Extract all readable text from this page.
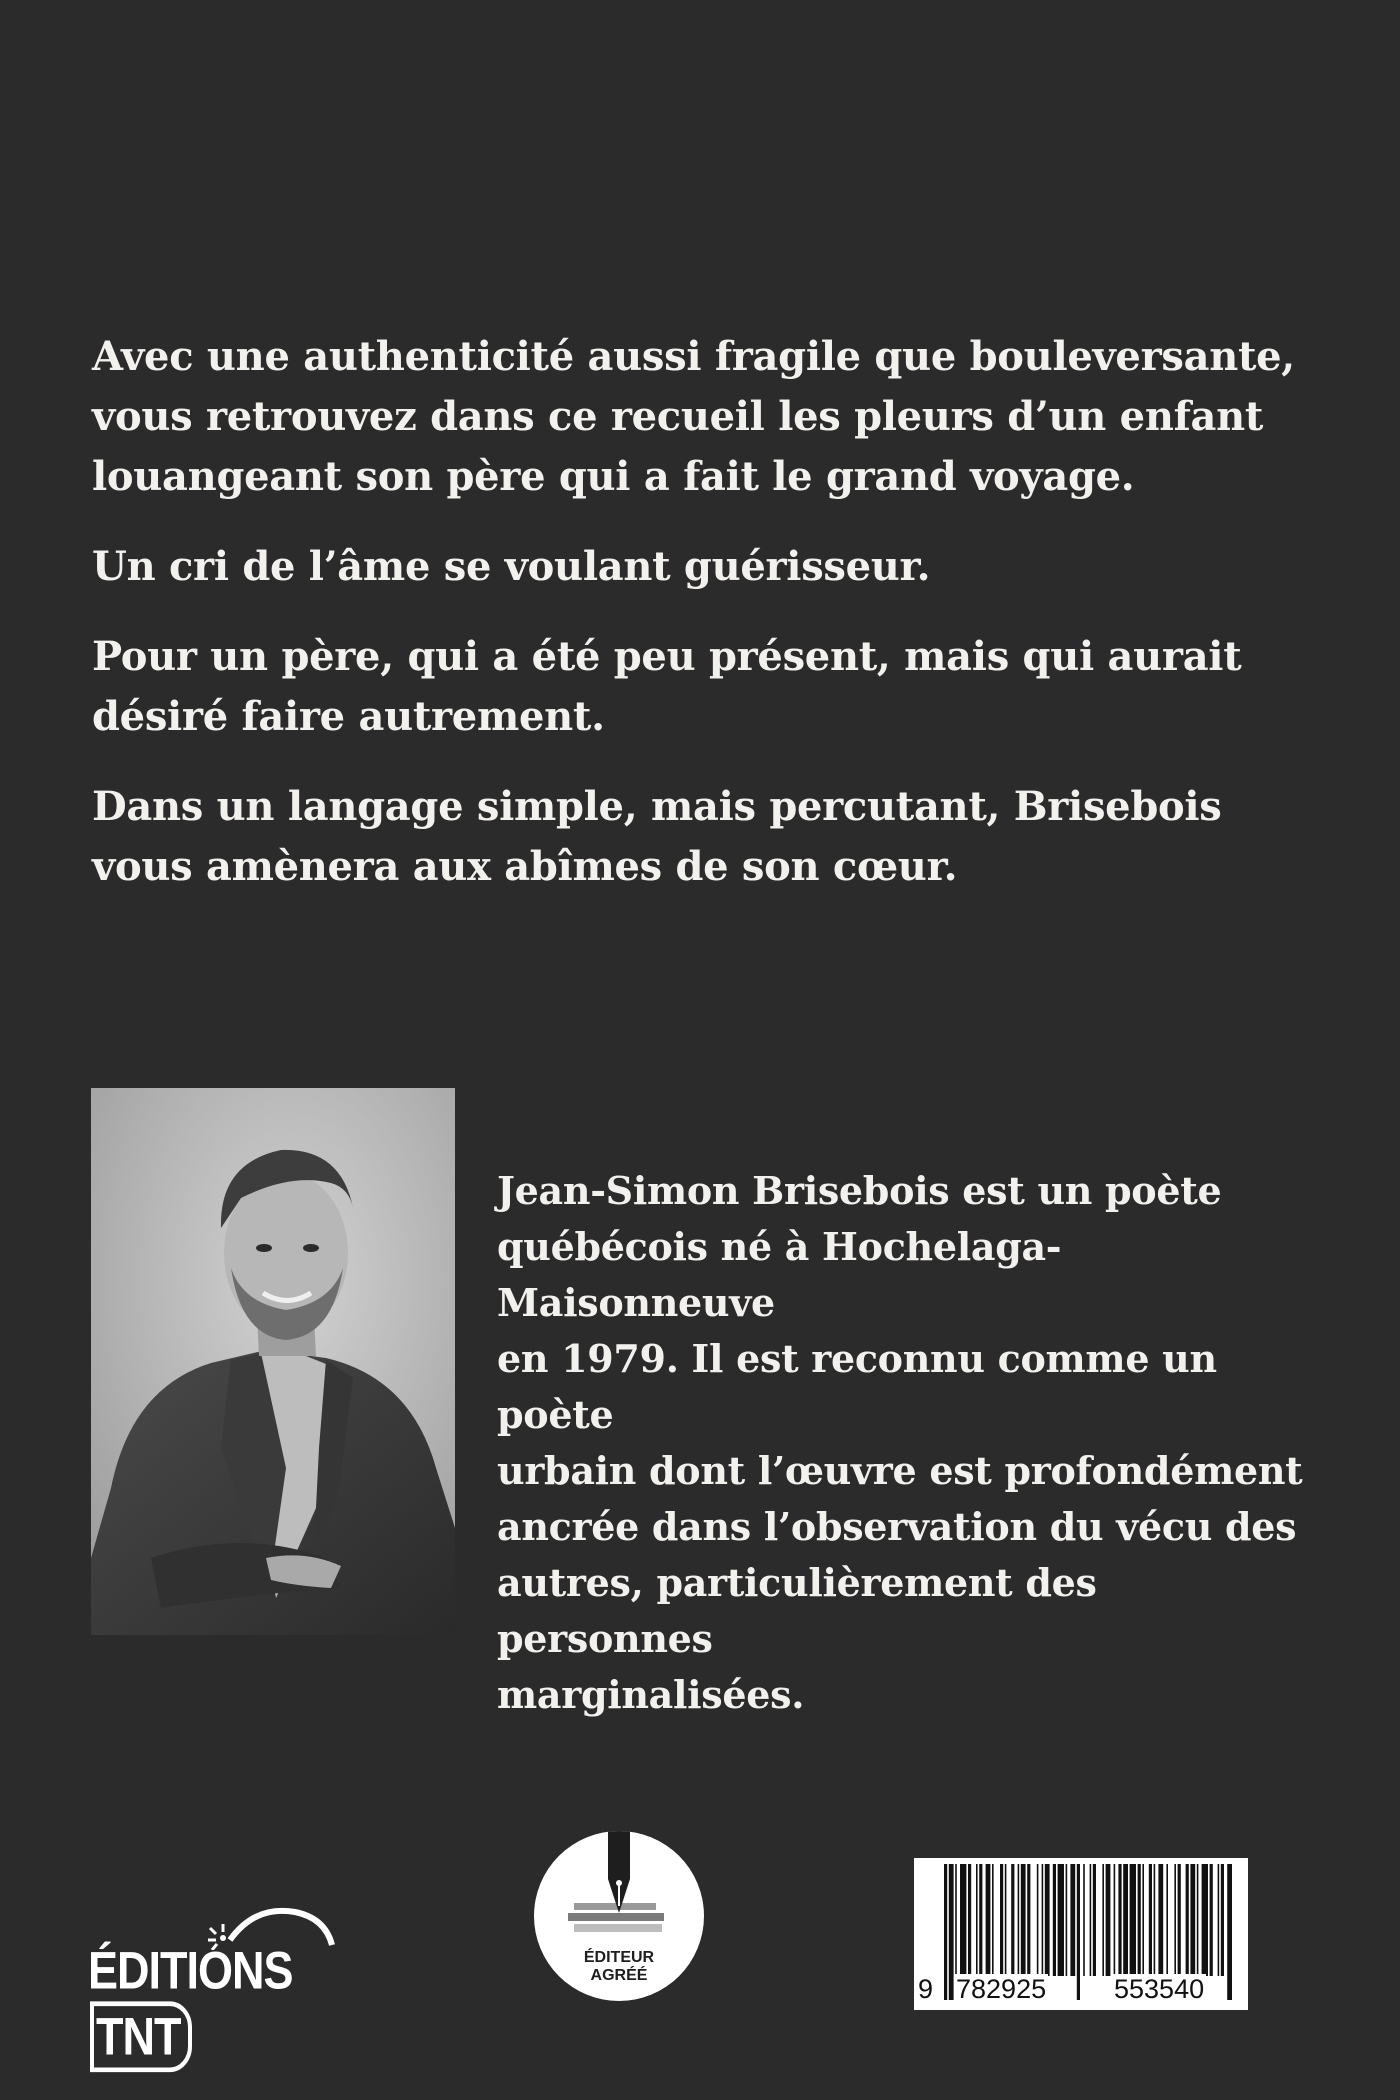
Avec une authenticité aussi fragile que bouleversante, vous retrouvez dans ce recueil les pleurs d’un enfant louangeant son père qui a fait le grand voyage.

Un cri de l’âme se voulant guérisseur.

Pour un père, qui a été peu présent, mais qui aurait désiré faire autrement.

Dans un langage simple, mais percutant, Brisebois vous amènera aux abîmes de son cœur.

Jean-Simon Brisebois est un poète
québécois né à Hochelaga-Maisonneuve
en 1979. Il est reconnu comme un poète
urbain dont l’œuvre est profondément
ancrée dans l’observation du vécu des
autres, particulièrement des personnes
marginalisées.
ÉDITIONSTNT
ÉDITEUR
AGRÉÉ	9 782925	553540
